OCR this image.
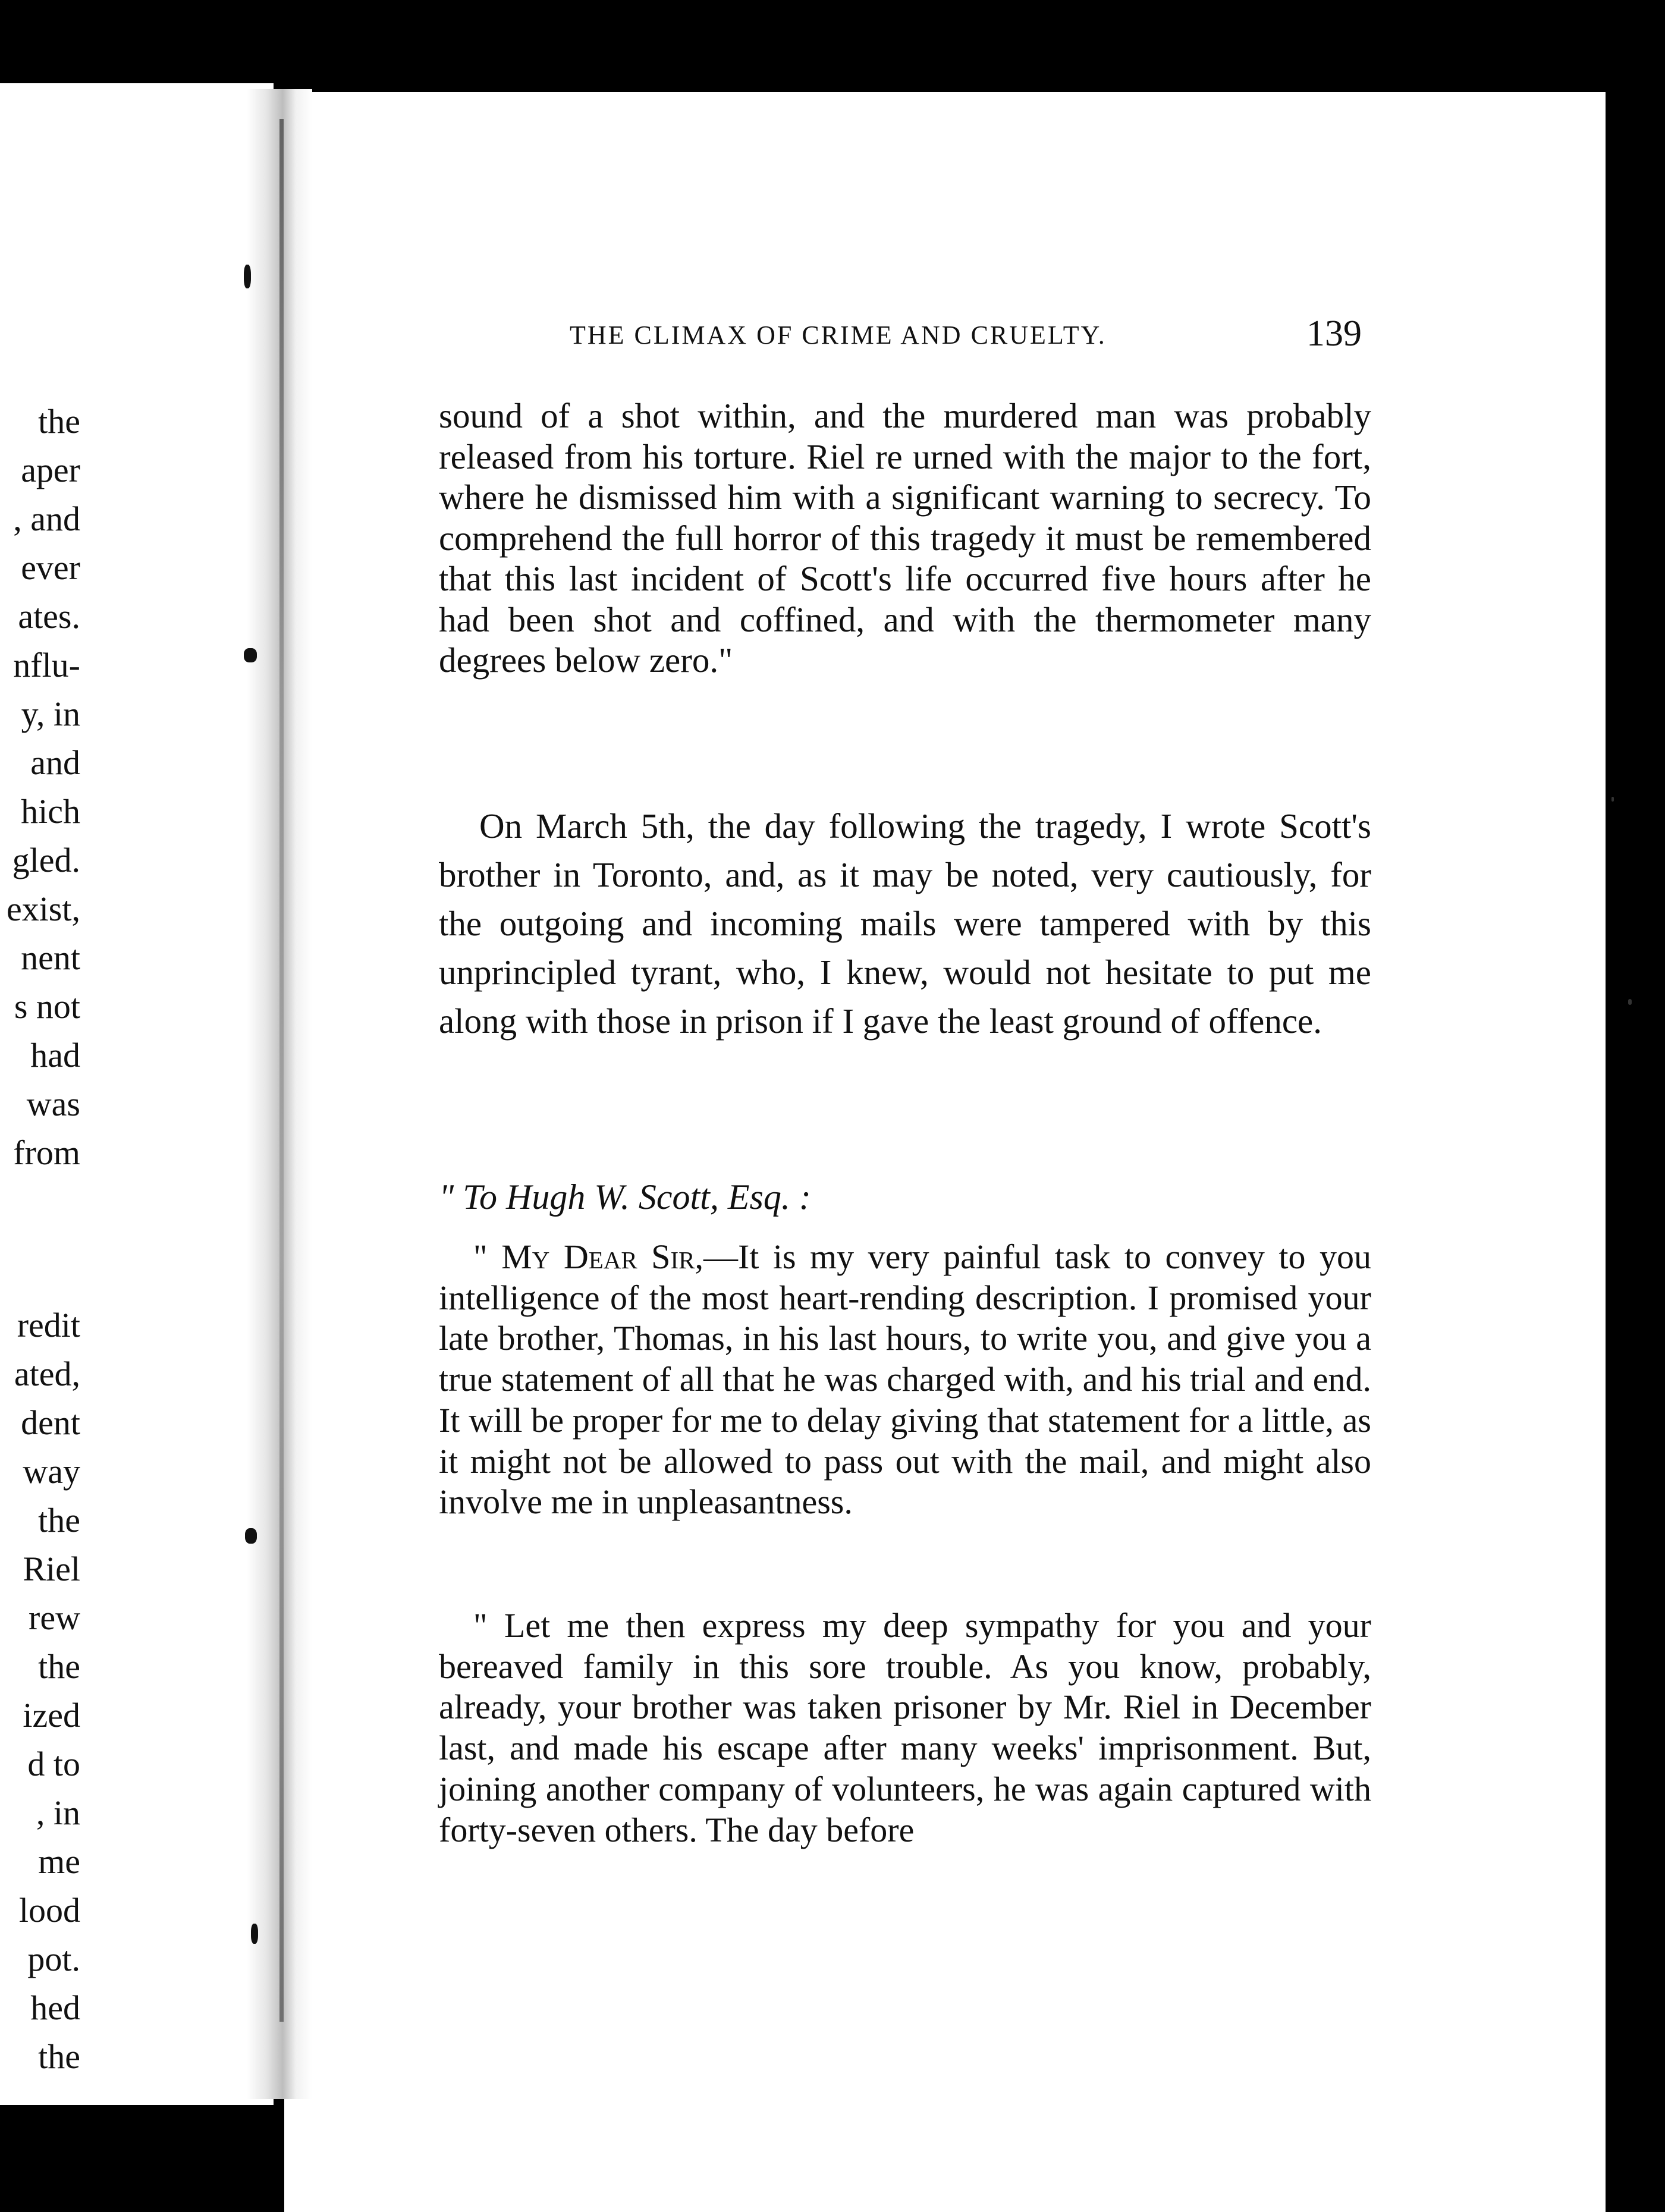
the
aper
, and
ever
ates.
nflu-
y, in
and
hich
gled.
exist,
nent
s not
had
was
from
redit
ated,
dent
way
the
Riel
rew
the
ized
d to
, in
me
lood
pot.
hed
the
THE CLIMAX OF CRIME AND CRUELTY.	139

sound of a shot within, and the murdered man was probably released from his torture. Riel re urned with the major to the fort, where he dismissed him with a significant warning to secrecy. To comprehend the full horror of this tragedy it must be remembered that this last incident of Scott's life occurred five hours after he had been shot and coffined, and with the thermometer many degrees below zero."

On March 5th, the day following the tragedy, I wrote Scott's brother in Toronto, and, as it may be noted, very cautiously, for the outgoing and incoming mails were tampered with by this unprincipled tyrant, who, I knew, would not hesitate to put me along with those in prison if I gave the least ground of offence.

" To Hugh W. Scott, Esq. :

" My Dear Sir,—It is my very painful task to convey to you intelligence of the most heart-rending description. I promised your late brother, Thomas, in his last hours, to write you, and give you a true statement of all that he was charged with, and his trial and end. It will be proper for me to delay giving that statement for a little, as it might not be allowed to pass out with the mail, and might also involve me in unpleasantness.

" Let me then express my deep sympathy for you and your bereaved family in this sore trouble. As you know, probably, already, your brother was taken prisoner by Mr. Riel in December last, and made his escape after many weeks' imprisonment. But, joining another company of volunteers, he was again captured with forty-seven others. The day before
